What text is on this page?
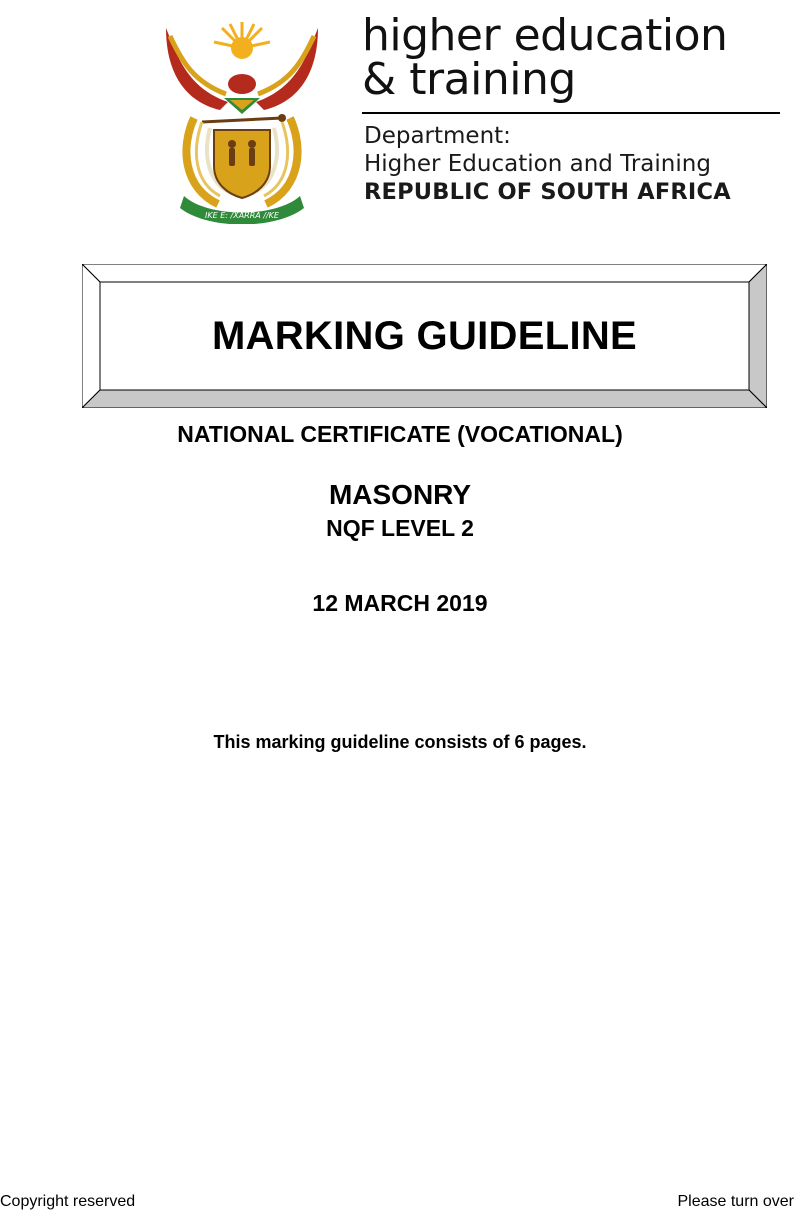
IKE E: /XARRA //KE
higher education
& training
Department:
Higher Education and Training
REPUBLIC OF SOUTH AFRICA
MARKING GUIDELINE
NATIONAL CERTIFICATE (VOCATIONAL)
MASONRY
NQF LEVEL 2
12 MARCH 2019
This marking guideline consists of 6 pages.
Copyright reserved	Please turn over
